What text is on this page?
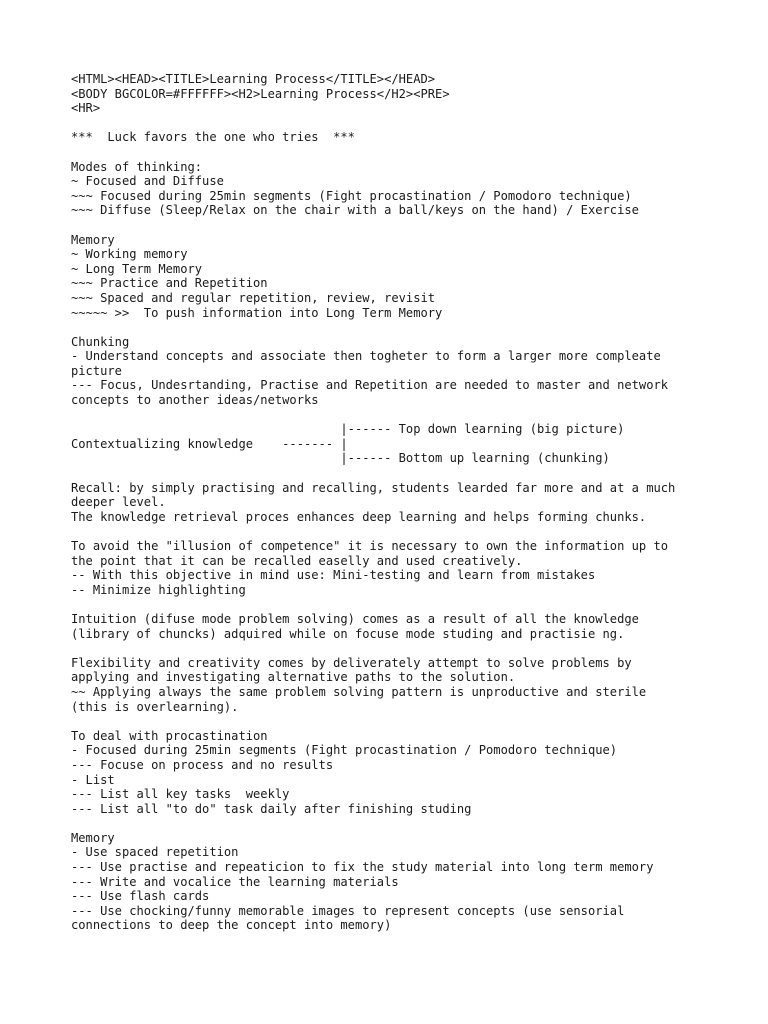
<HTML><HEAD><TITLE>Learning Process</TITLE></HEAD>
<BODY BGCOLOR=#FFFFFF><H2>Learning Process</H2><PRE>
<HR>
***  Luck favors the one who tries  ***
Modes of thinking:
~ Focused and Diffuse
~~~ Focused during 25min segments (Fight procastination / Pomodoro technique)
~~~ Diffuse (Sleep/Relax on the chair with a ball/keys on the hand) / Exercise
Memory
~ Working memory
~ Long Term Memory
~~~ Practice and Repetition
~~~ Spaced and regular repetition, review, revisit
~~~~~ >>  To push information into Long Term Memory
Chunking
- Understand concepts and associate then togheter to form a larger more compleate
picture
--- Focus, Undesrtanding, Practise and Repetition are needed to master and network
concepts to another ideas/networks
|------ Top down learning (big picture)
Contextualizing knowledge    ------- |
|------ Bottom up learning (chunking)
Recall: by simply practising and recalling, students learded far more and at a much
deeper level.
The knowledge retrieval proces enhances deep learning and helps forming chunks.
To avoid the "illusion of competence" it is necessary to own the information up to
the point that it can be recalled easelly and used creatively.
-- With this objective in mind use: Mini-testing and learn from mistakes
-- Minimize highlighting
Intuition (difuse mode problem solving) comes as a result of all the knowledge
(library of chuncks) adquired while on focuse mode studing and practisie ng.
Flexibility and creativity comes by deliveratelу attempt to solve problems by
applying and investigating alternative paths to the solution.
~~ Applying always the same problem solving pattern is unproductive and sterile
(this is overlearning).
To deal with procastination
- Focused during 25min segments (Fight procastination / Pomodoro technique)
--- Focuse on process and no results
- List
--- List all key tasks  weekly
--- List all "to do" task daily after finishing studing
Memory
- Use spaced repetition
--- Use practise and repeaticion to fix the study material into long term memory
--- Write and vocalice the learning materials
--- Use flash cards
--- Use chocking/funny memorable images to represent concepts (use sensorial
connections to deep the concept into memory)
